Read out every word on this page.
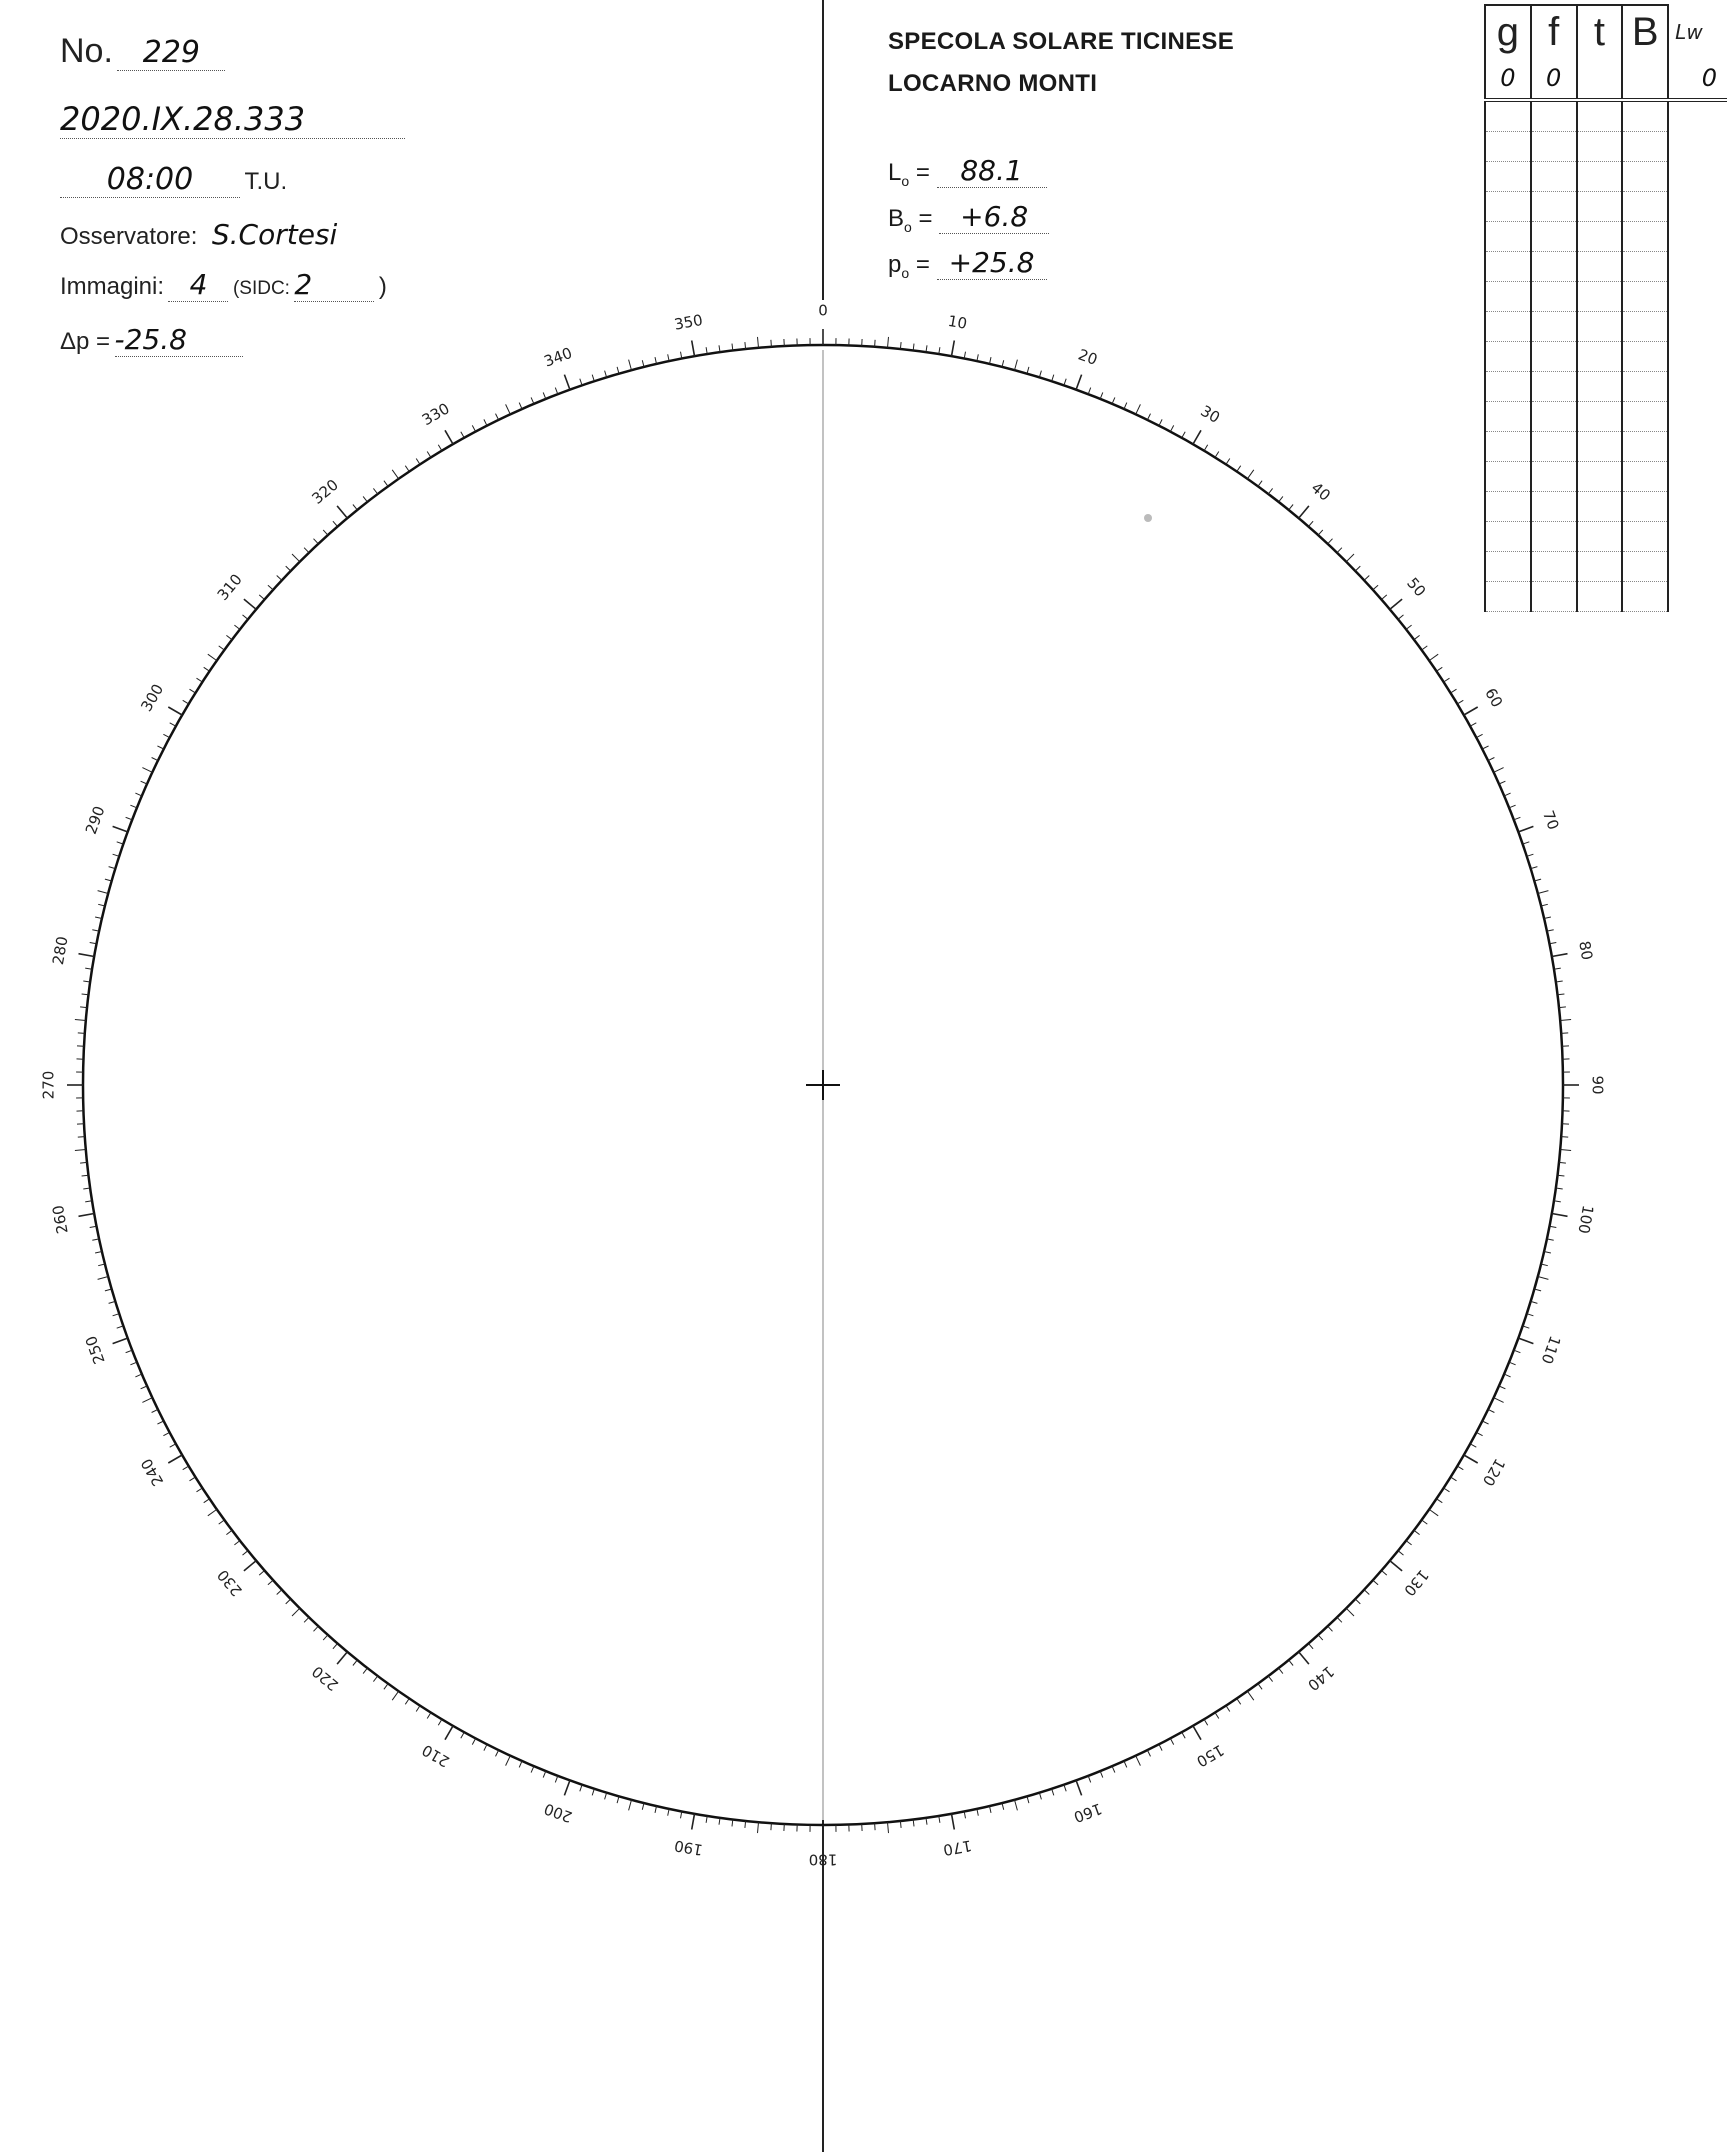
0
10
20
30
40
50
60
70
80
90
100
110
120
130
140
150
160
170
180
190
200
210
220
230
240
250
260
270
280
290
300
310
320
330
340
350
No. 229
2020.IX.28.333
08:00 T.U.
Osservatore: S.Cortesi
Immagini: 4 (SIDC: 2	)
Δp = -25.8
SPECOLA SOLARE TICINESE
LOCARNO MONTI
$L_o = 88.1$
$B_o = +6.8$
$p_o = +25.8$
g	f	t	B	Lw
0	0			0
